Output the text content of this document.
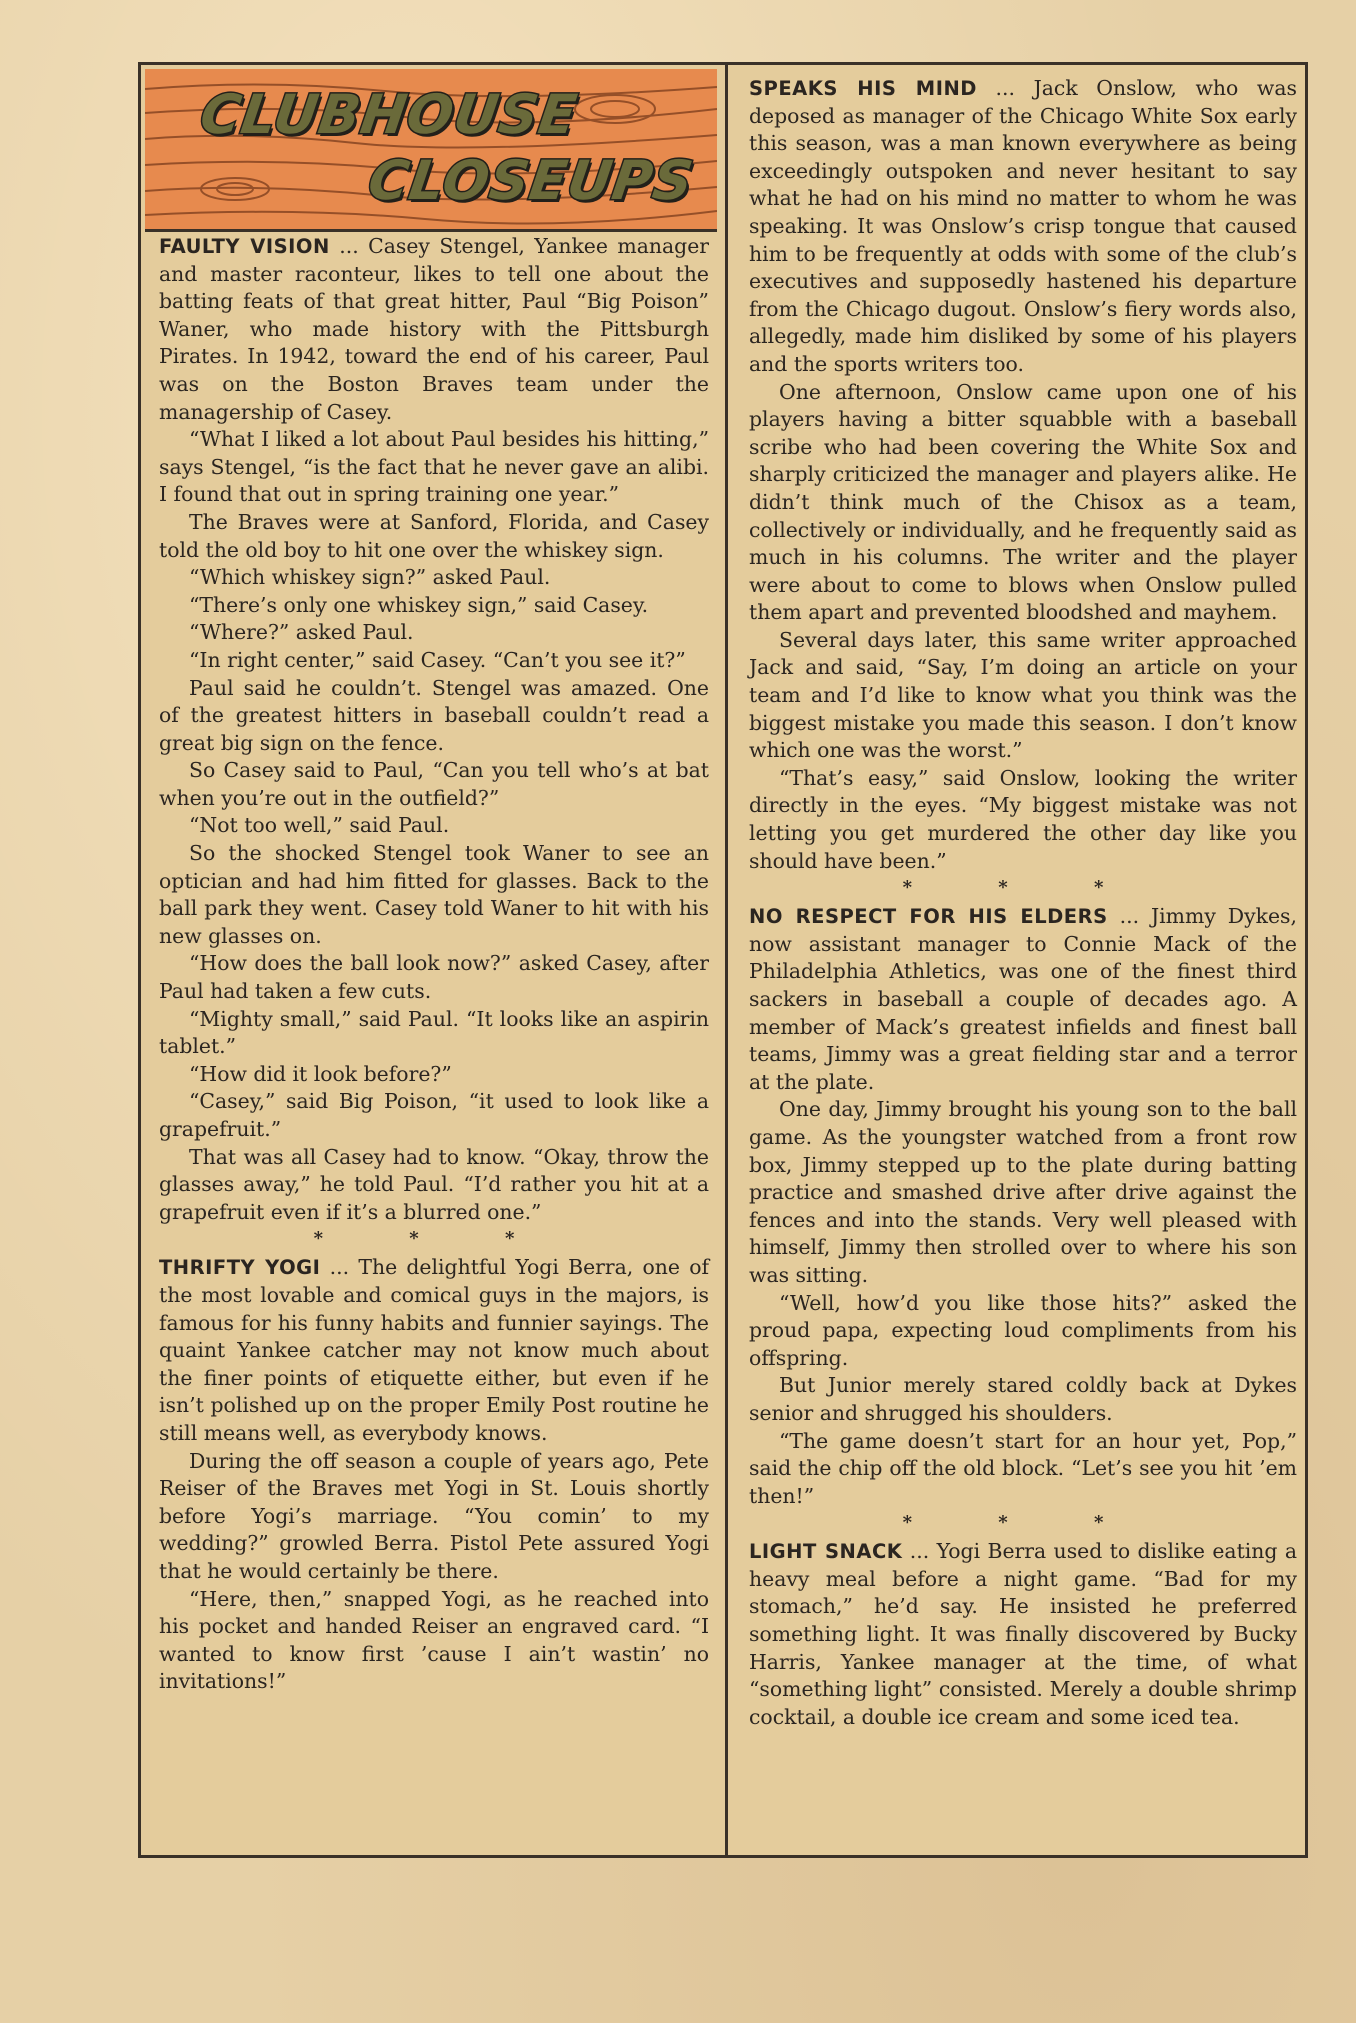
CLUBHOUSE
CLOSEUPS

FAULTY VISION ... Casey Stengel, Yankee manager and master raconteur, likes to tell one about the batting feats of that great hitter, Paul “Big Poison” Waner, who made history with the Pittsburgh Pirates. In 1942, toward the end of his career, Paul was on the Boston Braves team under the managership of Casey.

“What I liked a lot about Paul besides his hitting,” says Stengel, “is the fact that he never gave an alibi. I found that out in spring training one year.”

The Braves were at Sanford, Florida, and Casey told the old boy to hit one over the whiskey sign.

“Which whiskey sign?” asked Paul.

“There’s only one whiskey sign,” said Casey.

“Where?” asked Paul.

“In right center,” said Casey. “Can’t you see it?”

Paul said he couldn’t. Stengel was amazed. One of the greatest hitters in baseball couldn’t read a great big sign on the fence.

So Casey said to Paul, “Can you tell who’s at bat when you’re out in the outfield?”

“Not too well,” said Paul.

So the shocked Stengel took Waner to see an optician and had him fitted for glasses. Back to the ball park they went. Casey told Waner to hit with his new glasses on.

“How does the ball look now?” asked Casey, after Paul had taken a few cuts.

“Mighty small,” said Paul. “It looks like an aspirin tablet.”

“How did it look before?”

“Casey,” said Big Poison, “it used to look like a grapefruit.”

That was all Casey had to know. “Okay, throw the glasses away,” he told Paul. “I’d rather you hit at a grapefruit even if it’s a blurred one.”

* * *

THRIFTY YOGI ... The delightful Yogi Berra, one of the most lovable and comical guys in the majors, is famous for his funny habits and funnier sayings. The quaint Yankee catcher may not know much about the finer points of etiquette either, but even if he isn’t polished up on the proper Emily Post routine he still means well, as everybody knows.

During the off season a couple of years ago, Pete Reiser of the Braves met Yogi in St. Louis shortly before Yogi’s marriage. “You comin’ to my wedding?” growled Berra. Pistol Pete assured Yogi that he would certainly be there.

“Here, then,” snapped Yogi, as he reached into his pocket and handed Reiser an engraved card. “I wanted to know first ’cause I ain’t wastin’ no invitations!”

SPEAKS HIS MIND ... Jack Onslow, who was deposed as manager of the Chicago White Sox early this season, was a man known everywhere as being exceedingly outspoken and never hesitant to say what he had on his mind no matter to whom he was speaking. It was Onslow’s crisp tongue that caused him to be frequently at odds with some of the club’s executives and supposedly hastened his departure from the Chicago dugout. Onslow’s fiery words also, allegedly, made him disliked by some of his players and the sports writers too.

One afternoon, Onslow came upon one of his players having a bitter squabble with a baseball scribe who had been covering the White Sox and sharply criticized the manager and players alike. He didn’t think much of the Chisox as a team, collectively or individually, and he frequently said as much in his columns. The writer and the player were about to come to blows when Onslow pulled them apart and prevented bloodshed and mayhem.

Several days later, this same writer approached Jack and said, “Say, I’m doing an article on your team and I’d like to know what you think was the biggest mistake you made this season. I don’t know which one was the worst.”

“That’s easy,” said Onslow, looking the writer directly in the eyes. “My biggest mistake was not letting you get murdered the other day like you should have been.”

* * *

NO RESPECT FOR HIS ELDERS ... Jimmy Dykes, now assistant manager to Connie Mack of the Philadelphia Athletics, was one of the finest third sackers in baseball a couple of decades ago. A member of Mack’s greatest infields and finest ball teams, Jimmy was a great fielding star and a terror at the plate.

One day, Jimmy brought his young son to the ball game. As the youngster watched from a front row box, Jimmy stepped up to the plate during batting practice and smashed drive after drive against the fences and into the stands. Very well pleased with himself, Jimmy then strolled over to where his son was sitting.

“Well, how’d you like those hits?” asked the proud papa, expecting loud compliments from his offspring.

But Junior merely stared coldly back at Dykes senior and shrugged his shoulders.

“The game doesn’t start for an hour yet, Pop,” said the chip off the old block. “Let’s see you hit ’em then!”

* * *

LIGHT SNACK ... Yogi Berra used to dislike eating a heavy meal before a night game. “Bad for my stomach,” he’d say. He insisted he preferred something light. It was finally discovered by Bucky Harris, Yankee manager at the time, of what “something light” consisted. Merely a double shrimp cocktail, a double ice cream and some iced tea.
